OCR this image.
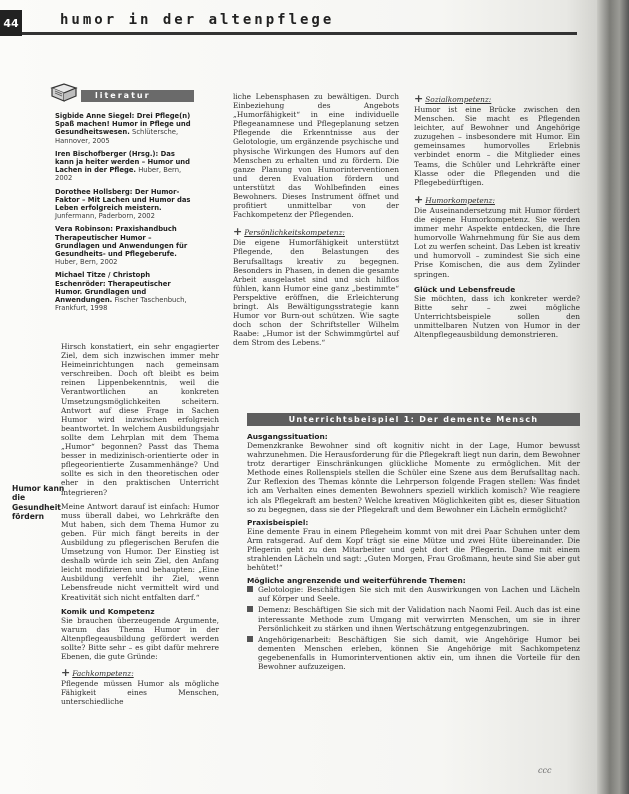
44	humor in der altenpflege
literatur
Sigbide Anne Siegel: Drei Pflege(n) Spaß machen! Humor in Pflege und Gesundheitswesen. Schlütersche, Hannover, 2005
Iren Bischofberger (Hrsg.): Das kann ja heiter werden – Humor und Lachen in der Pflege. Huber, Bern, 2002
Dorothee Hollsberg: Der Humor-Faktor – Mit Lachen und Humor das Leben erfolgreich meistern. Junfermann, Paderborn, 2002
Vera Robinson: Praxishandbuch Therapeutischer Humor – Grundlagen und Anwendungen für Gesundheits- und Pflegeberufe. Huber, Bern, 2002
Michael Titze / Christoph Eschenröder: Therapeutischer Humor. Grundlagen und Anwendungen. Fischer Taschenbuch, Frankfurt, 1998
Humor kann die Gesundheit fördern

Hirsch konstatiert, ein sehr engagierter Ziel, dem sich inzwischen immer mehr Heimeinrichtungen nach gemeinsam verschreiben. Doch oft bleibt es beim reinen Lippenbekenntnis, weil die Verantwortlichen an konkreten Umsetzungsmöglichkeiten scheitern. Antwort auf diese Frage in Sachen Humor wird inzwischen erfolgreich beantwortet. In welchem Ausbildungsjahr sollte dem Lehrplan mit dem Thema „Humor“ begonnen? Passt das Thema besser in medizinisch-orientierte oder in pflegeorientierte Zusammenhänge? Und sollte es sich in den theoretischen oder eher in den praktischen Unterricht integrieren?

Meine Antwort darauf ist einfach: Humor muss überall dabei, wo Lehrkräfte den Mut haben, sich dem Thema Humor zu geben. Für mich fängt bereits in der Ausbildung zu pflegerischen Berufen die Umsetzung von Humor. Der Einstieg ist deshalb würde ich sein Ziel, den Anfang leicht modifizieren und behaupten: „Eine Ausbildung verfehlt ihr Ziel, wenn Lebensfreude nicht vermittelt wird und Kreativität sich nicht entfalten darf.“

Komik und Kompetenz

Sie brauchen überzeugende Argumente, warum das Thema Humor in der Altenpflegeausbildung gefördert werden sollte? Bitte sehr – es gibt dafür mehrere Ebenen, die gute Gründe:

+ Fachkompetenz:

Pflegende müssen Humor als mögliche Fähigkeit eines Menschen, unterschiedliche

liche Lebensphasen zu bewältigen. Durch Einbeziehung des Angebots „Humorfähigkeit“ in eine individuelle Pflegeanamnese und Pflegeplanung setzen Pflegende die Erkenntnisse aus der Gelotologie, um ergänzende psychische und physische Wirkungen des Humors auf den Menschen zu erhalten und zu fördern. Die ganze Planung von Humorinterventionen und deren Evaluation fördern und unterstützt das Wohlbefinden eines Bewohners. Dieses Instrument öffnet und profitiert unmittelbar von der Fachkompetenz der Pflegenden.

+ Persönlichkeitskompetenz:

Die eigene Humorfähigkeit unterstützt Pflegende, den Belastungen des Berufsalltags kreativ zu begegnen. Besonders in Phasen, in denen die gesamte Arbeit ausgelastet sind und sich hilflos fühlen, kann Humor eine ganz „bestimmte“ Perspektive eröffnen, die Erleichterung bringt. Als Bewältigungsstrategie kann Humor vor Burn-out schützen. Wie sagte doch schon der Schriftsteller Wilhelm Raabe: „Humor ist der Schwimmgürtel auf dem Strom des Lebens.“

+ Sozialkompetenz:

Humor ist eine Brücke zwischen den Menschen. Sie macht es Pflegenden leichter, auf Bewohner und Angehörige zuzugehen – insbesondere mit Humor. Ein gemeinsames humorvolles Erlebnis verbindet enorm – die Mitglieder eines Teams, die Schüler und Lehrkräfte einer Klasse oder die Pflegenden und die Pflegebedürftigen.

+ Humorkompetenz:

Die Auseinandersetzung mit Humor fördert die eigene Humorkompetenz. Sie werden immer mehr Aspekte entdecken, die Ihre humorvolle Wahrnehmung für Sie aus dem Lot zu werfen scheint. Das Leben ist kreativ und humorvoll – zumindest Sie sich eine Prise Komischen, die aus dem Zylinder springen.

Glück und Lebensfreude

Sie möchten, dass ich konkreter werde? Bitte sehr – zwei mögliche Unterrichtsbeispiele sollen den unmittelbaren Nutzen von Humor in der Altenpflegeausbildung demonstrieren.

Unterrichtsbeispiel 1: Der demente Mensch
Ausgangssituation:

Demenzkranke Bewohner sind oft kognitiv nicht in der Lage, Humor bewusst wahrzunehmen. Die Herausforderung für die Pflegekraft liegt nun darin, dem Bewohner trotz derartiger Einschränkungen glückliche Momente zu ermöglichen. Mit der Methode eines Rollenspiels stellen die Schüler eine Szene aus dem Berufsalltag nach. Zur Reflexion des Themas könnte die Lehrperson folgende Fragen stellen: Was findet ich am Verhalten eines dementen Bewohners speziell wirklich komisch? Wie reagiere ich als Pflegekraft am besten? Welche kreativen Möglichkeiten gibt es, dieser Situation so zu begegnen, dass sie der Pflegekraft und dem Bewohner ein Lächeln ermöglicht?

Praxisbeispiel:

Eine demente Frau in einem Pflegeheim kommt von mit drei Paar Schuhen unter dem Arm ratsgerad. Auf dem Kopf trägt sie eine Mütze und zwei Hüte übereinander. Die Pflegerin geht zu den Mitarbeiter und geht dort die Pflegerin. Dame mit einem strahlenden Lächeln und sagt: „Guten Morgen, Frau Großmann, heute sind Sie aber gut behütet!“

Mögliche angrenzende und weiterführende Themen:
Gelotologie: Beschäftigen Sie sich mit den Auswirkungen von Lachen und Lächeln auf Körper und Seele.
Demenz: Beschäftigen Sie sich mit der Validation nach Naomi Feil. Auch das ist eine interessante Methode zum Umgang mit verwirrten Menschen, um sie in ihrer Persönlichkeit zu stärken und ihnen Wertschätzung entgegenzubringen.
Angehörigenarbeit: Beschäftigen Sie sich damit, wie Angehörige Humor bei dementen Menschen erleben, können Sie Angehörige mit Sachkompetenz gegebenenfalls in Humorinterventionen aktiv ein, um ihnen die Vorteile für den Bewohner aufzuzeigen.
ccc
